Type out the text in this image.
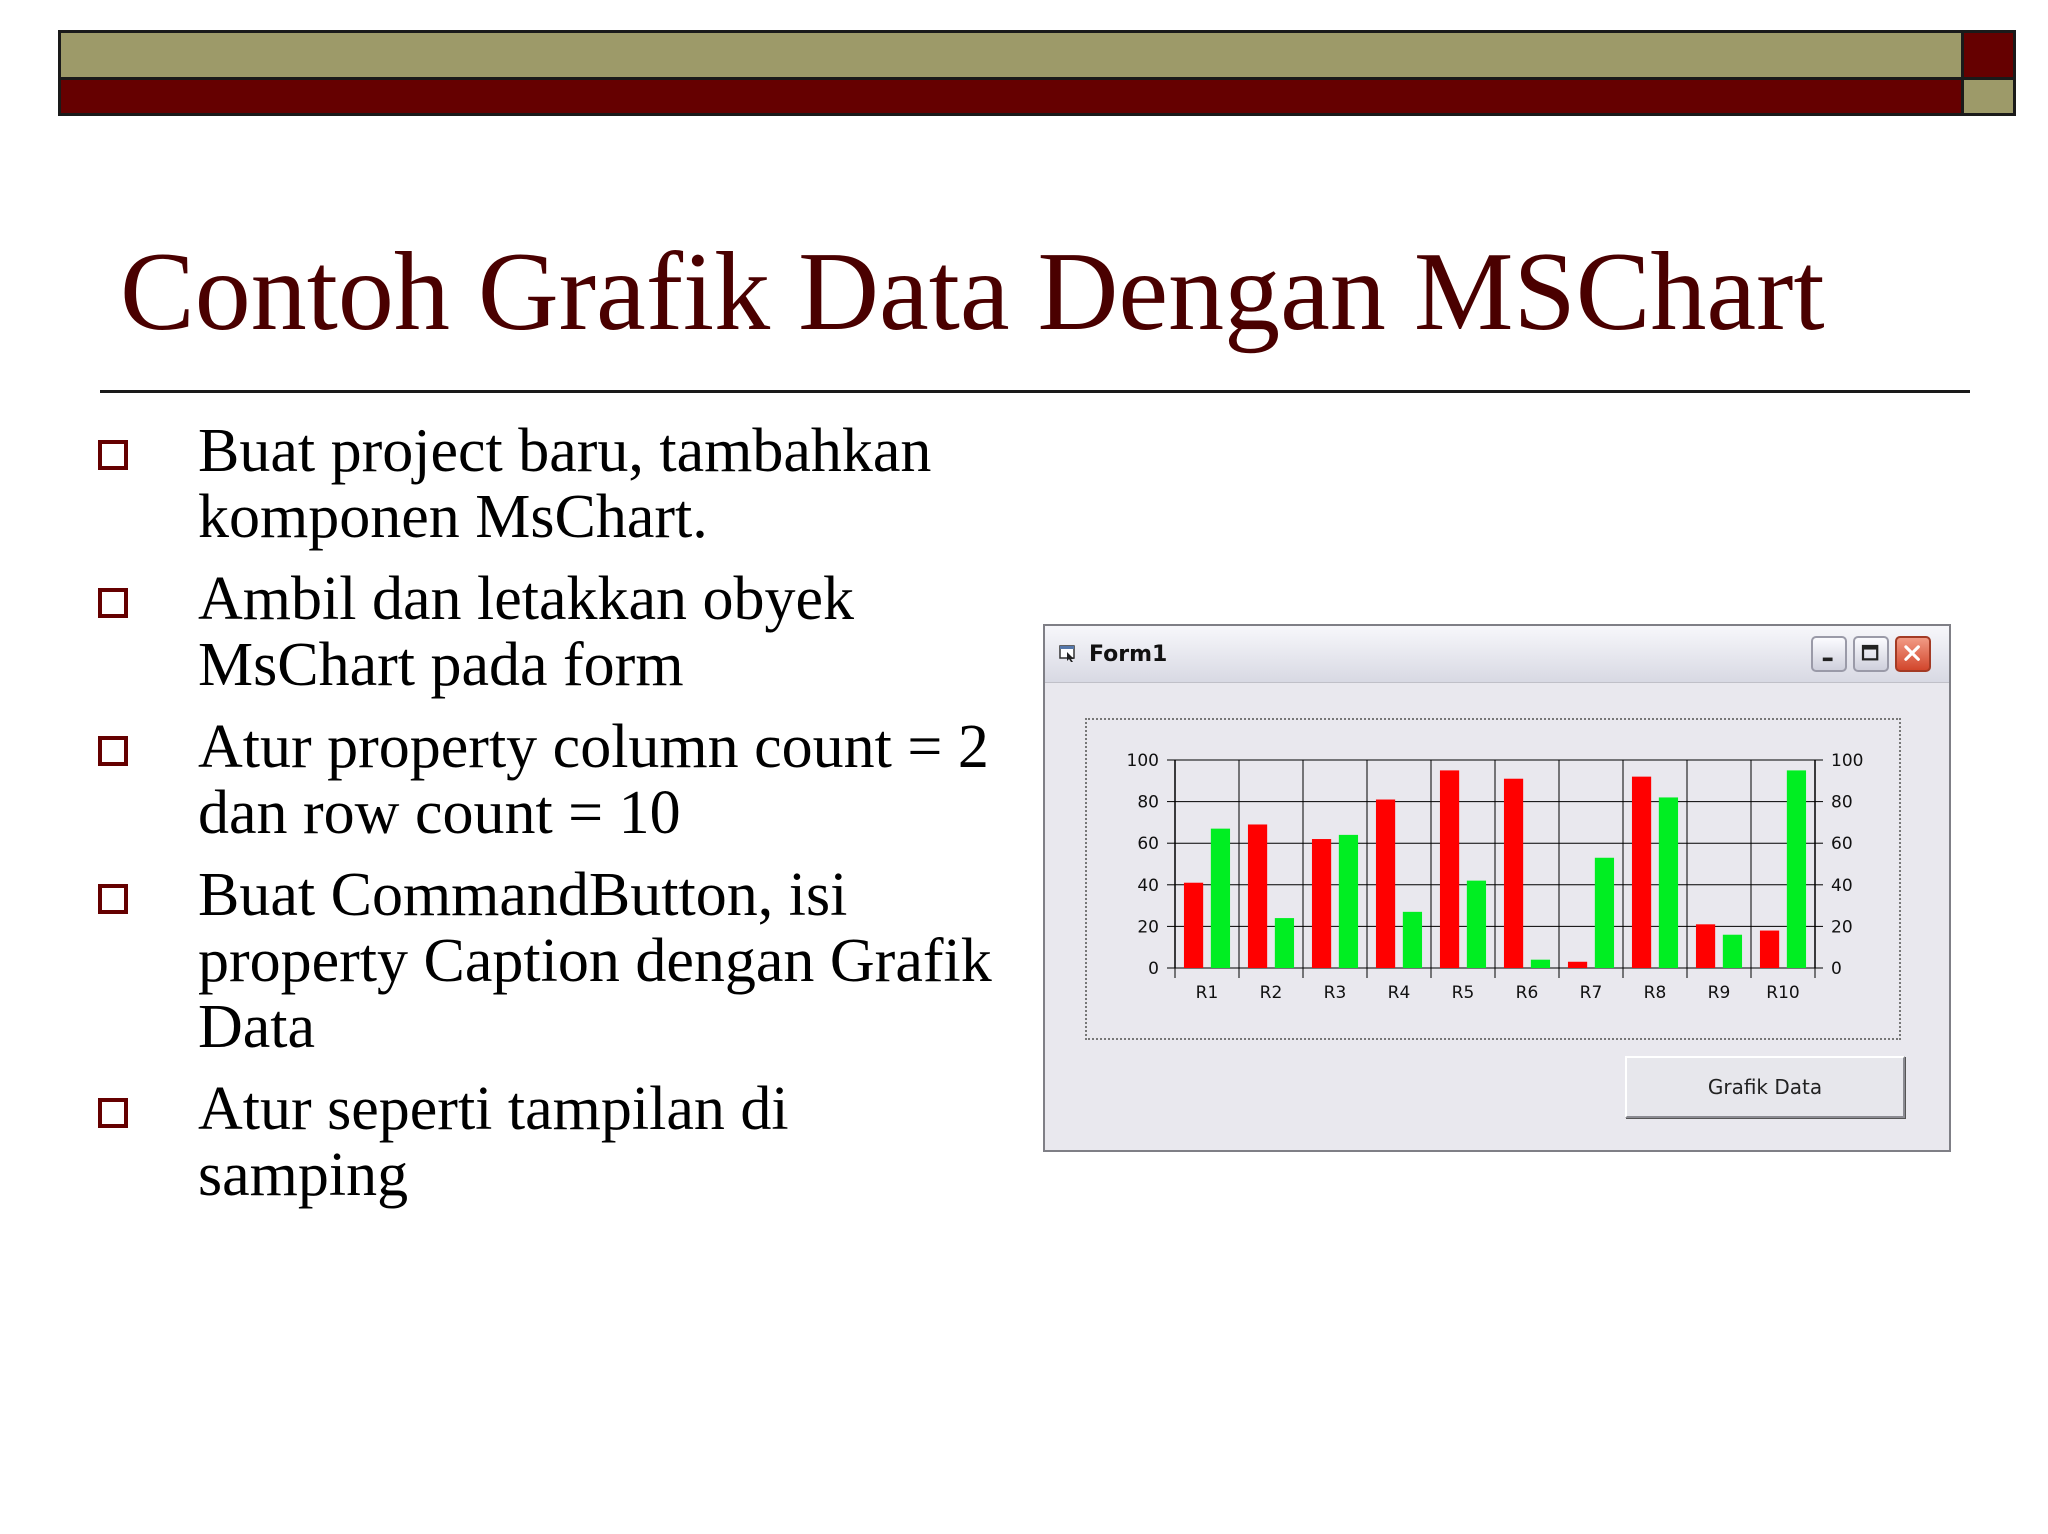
Contoh Grafik Data Dengan MSChart
Buat project baru, tambahkan komponen MsChart.
Ambil dan letakkan obyek MsChart pada form
Atur property column count = 2 dan row count = 10
Buat CommandButton, isi property Caption dengan Grafik Data
Atur seperti tampilan di samping
Form1
0	0
20	20
40	40
60	60
80	80
100	100
R1 R2 R3 R4 R5 R6 R7 R8 R9 R10
Grafik Data
